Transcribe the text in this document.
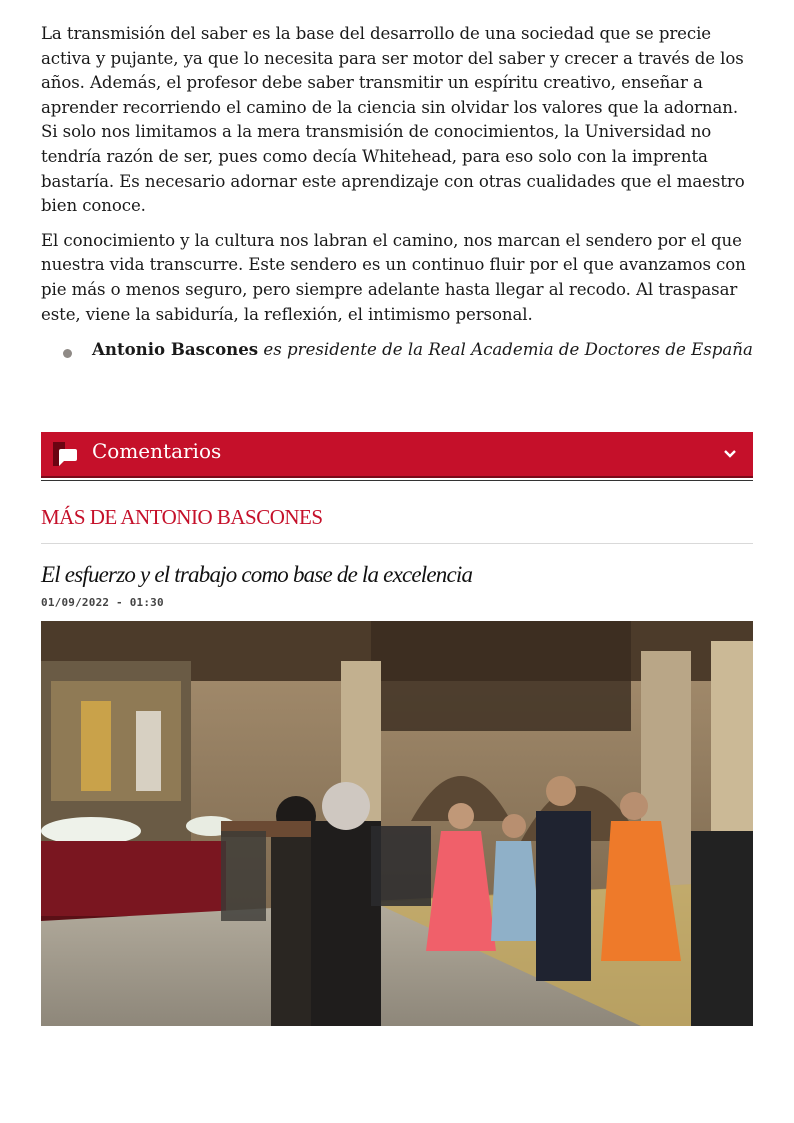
La transmisión del saber es la base del desarrollo de una sociedad que se precie activa y pujante, ya que lo necesita para ser motor del saber y crecer a través de los años. Además, el profesor debe saber transmitir un espíritu creativo, enseñar a aprender recorriendo el camino de la ciencia sin olvidar los valores que la adornan. Si solo nos limitamos a la mera transmisión de conocimientos, la Universidad no tendría razón de ser, pues como decía Whitehead, para eso solo con la imprenta bastaría. Es necesario adornar este aprendizaje con otras cualidades que el maestro bien conoce.

El conocimiento y la cultura nos labran el camino, nos marcan el sendero por el que nuestra vida transcurre. Este sendero es un continuo fluir por el que avanzamos con pie más o menos seguro, pero siempre adelante hasta llegar al recodo. Al traspasar este, viene la sabiduría, la reflexión, el intimismo personal.

Antonio Bascones es presidente de la Real Academia de Doctores de España
Comentarios
MÁS DE ANTONIO BASCONES
El esfuerzo y el trabajo como base de la excelencia
01/09/2022 - 01:30
